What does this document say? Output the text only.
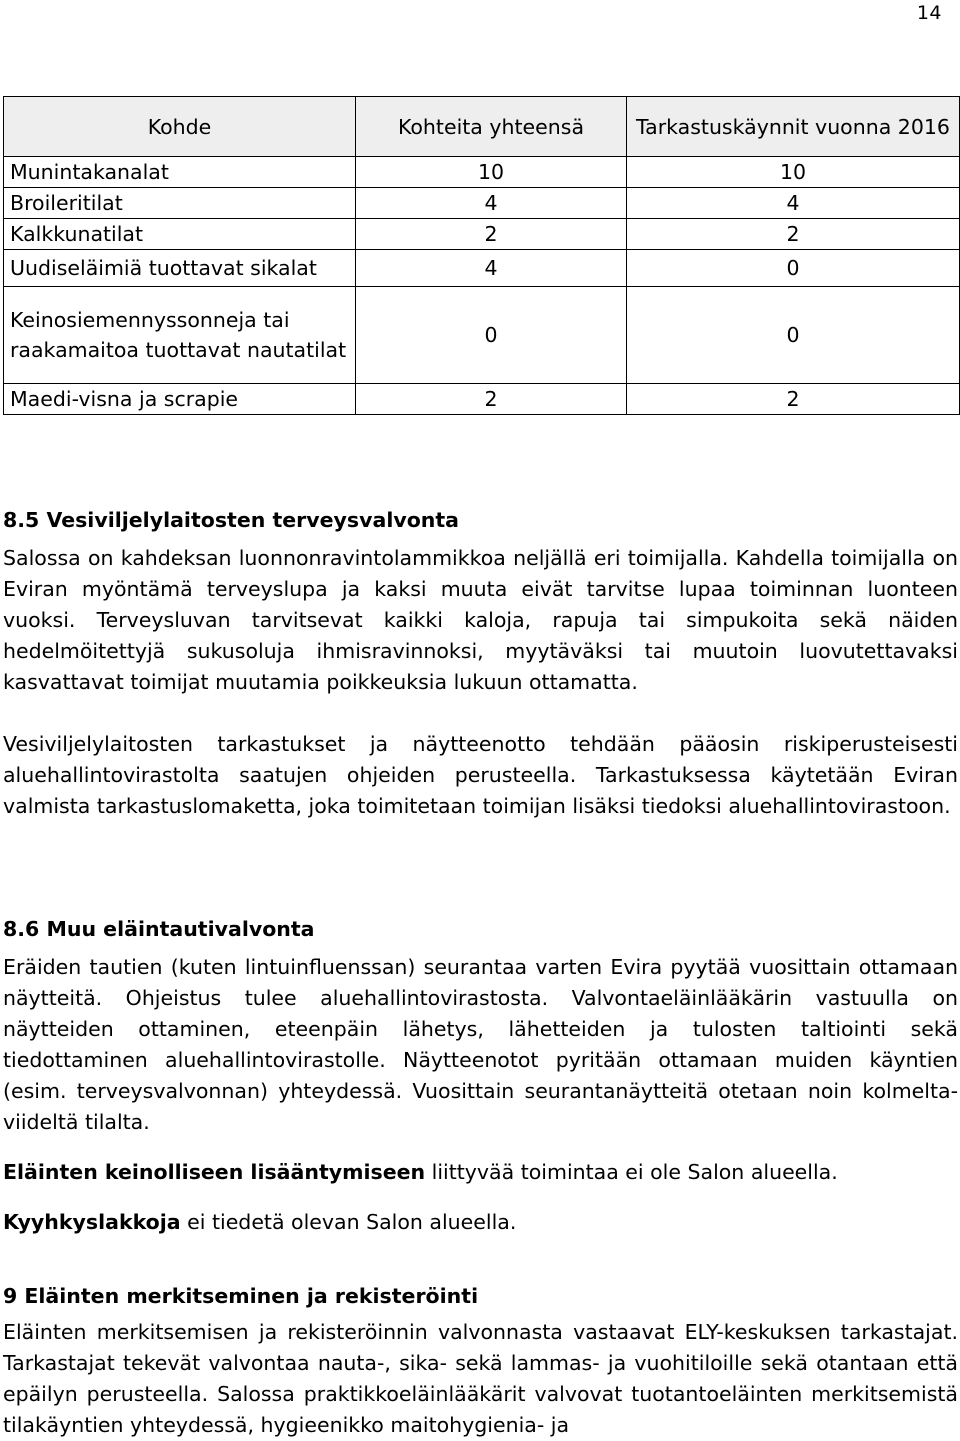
14
Kohde	Kohteita yhteensä	Tarkastuskäynnit vuonna 2016
Munintakanalat	10	10
Broileritilat	4	4
Kalkkunatilat	2	2
Uudiseläimiä tuottavat sikalat	4	0
Keinosiemennyssonneja tai raakamaitoa tuottavat nautatilat	0	0
Maedi-visna ja scrapie	2	2
8.5 Vesiviljelylaitosten terveysvalvonta

Salossa on kahdeksan luonnonravintolammikkoa neljällä eri toimijalla. Kahdella toimijalla on Eviran myöntämä terveyslupa ja kaksi muuta eivät tarvitse lupaa toiminnan luonteen vuoksi. Terveysluvan tarvitsevat kaikki kaloja, rapuja tai simpukoita sekä näiden hedelmöitettyjä sukusoluja ihmisravinnoksi, myytäväksi tai muutoin luovutettavaksi kasvattavat toimijat muutamia poikkeuksia lukuun ottamatta.

Vesiviljelylaitosten tarkastukset ja näytteenotto tehdään pääosin riskiperusteisesti aluehallintovirastolta saatujen ohjeiden perusteella. Tarkastuksessa käytetään Eviran valmista tarkastuslomaketta, joka toimitetaan toimijan lisäksi tiedoksi aluehallintovirastoon.

8.6 Muu eläintautivalvonta

Eräiden tautien (kuten lintuinfluenssan) seurantaa varten Evira pyytää vuosittain ottamaan näytteitä. Ohjeistus tulee aluehallintovirastosta. Valvontaeläinlääkärin vastuulla on näytteiden ottaminen, eteenpäin lähetys, lähetteiden ja tulosten taltiointi sekä tiedottaminen aluehallintovirastolle. Näytteenotot pyritään ottamaan muiden käyntien (esim. terveysvalvonnan) yhteydessä. Vuosittain seurantanäytteitä otetaan noin kolmelta-viideltä tilalta.

Eläinten keinolliseen lisääntymiseen liittyvää toimintaa ei ole Salon alueella.

Kyyhkyslakkoja ei tiedetä olevan Salon alueella.

9 Eläinten merkitseminen ja rekisteröinti

Eläinten merkitsemisen ja rekisteröinnin valvonnasta vastaavat ELY-keskuksen tarkastajat. Tarkastajat tekevät valvontaa nauta-, sika- sekä lammas- ja vuohitiloille sekä otantaan että epäilyn perusteella. Salossa praktikkoeläinlääkärit valvovat tuotantoeläinten merkitsemistä tilakäyntien yhteydessä, hygieenikko maitohygienia- ja
